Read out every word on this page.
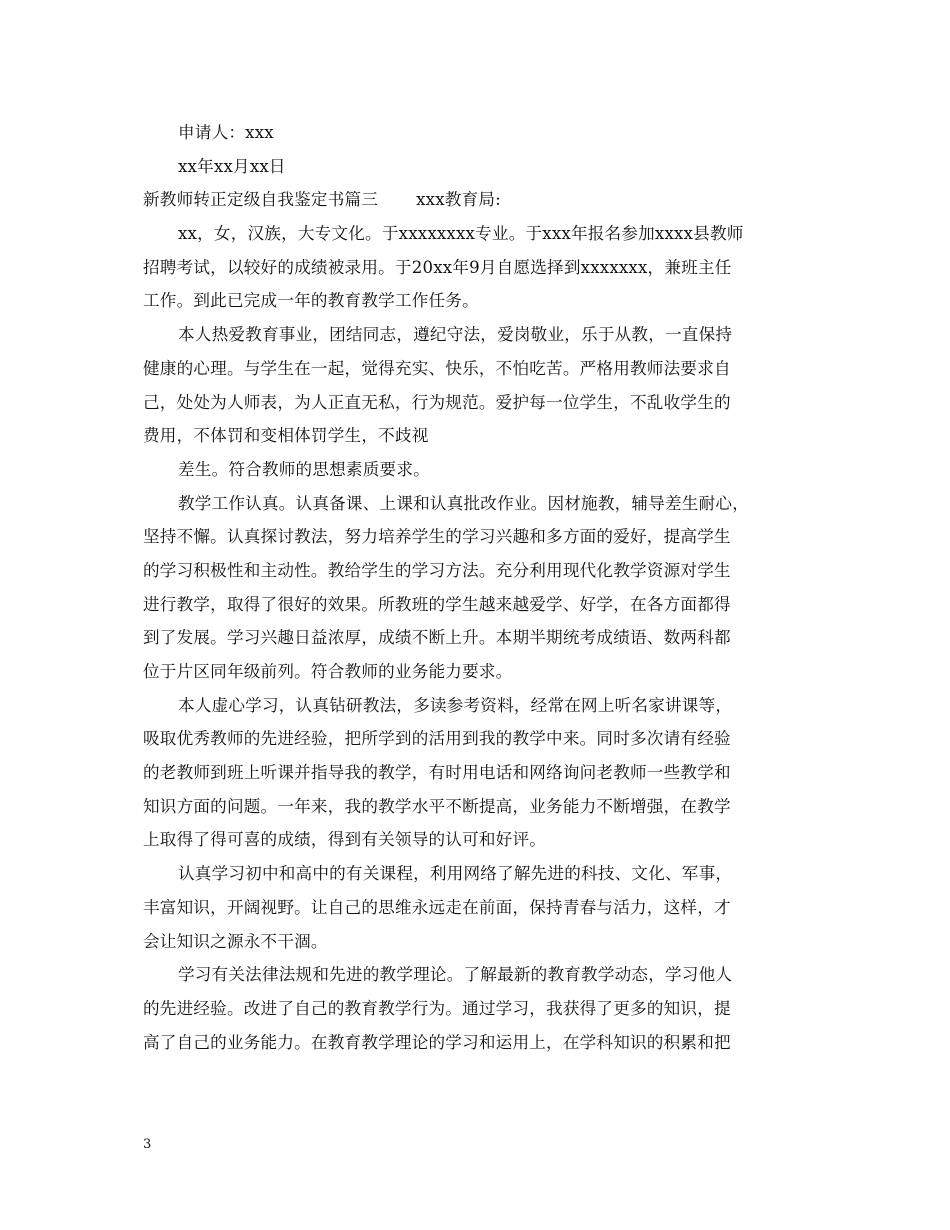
申请人：xxx
xx年xx月xx日
新教师转正定级自我鉴定书篇三 xxx教育局:
xx，女，汉族，大专文化。于xxxxxxxx专业。于xxx年报名参加xxxx县教师
招聘考试，以较好的成绩被录用。于20xx年9月自愿选择到xxxxxxx，兼班主任
工作。到此已完成一年的教育教学工作任务。
本人热爱教育事业，团结同志，遵纪守法，爱岗敬业，乐于从教，一直保持
健康的心理。与学生在一起，觉得充实、快乐，不怕吃苦。严格用教师法要求自
己，处处为人师表，为人正直无私，行为规范。爱护每一位学生，不乱收学生的
费用，不体罚和变相体罚学生，不歧视
差生。符合教师的思想素质要求。
教学工作认真。认真备课、上课和认真批改作业。因材施教，辅导差生耐心，
坚持不懈。认真探讨教法，努力培养学生的学习兴趣和多方面的爱好，提高学生
的学习积极性和主动性。教给学生的学习方法。充分利用现代化教学资源对学生
进行教学，取得了很好的效果。所教班的学生越来越爱学、好学，在各方面都得
到了发展。学习兴趣日益浓厚，成绩不断上升。本期半期统考成绩语、数两科都
位于片区同年级前列。符合教师的业务能力要求。
本人虚心学习，认真钻研教法，多读参考资料，经常在网上听名家讲课等，
吸取优秀教师的先进经验，把所学到的活用到我的教学中来。同时多次请有经验
的老教师到班上听课并指导我的教学，有时用电话和网络询问老教师一些教学和
知识方面的问题。一年来，我的教学水平不断提高，业务能力不断增强，在教学
上取得了得可喜的成绩，得到有关领导的认可和好评。
认真学习初中和高中的有关课程，利用网络了解先进的科技、文化、军事，
丰富知识，开阔视野。让自己的思维永远走在前面，保持青春与活力，这样，才
会让知识之源永不干涸。
学习有关法律法规和先进的教学理论。了解最新的教育教学动态，学习他人
的先进经验。改进了自己的教育教学行为。通过学习，我获得了更多的知识，提
高了自己的业务能力。在教育教学理论的学习和运用上，在学科知识的积累和把
3
